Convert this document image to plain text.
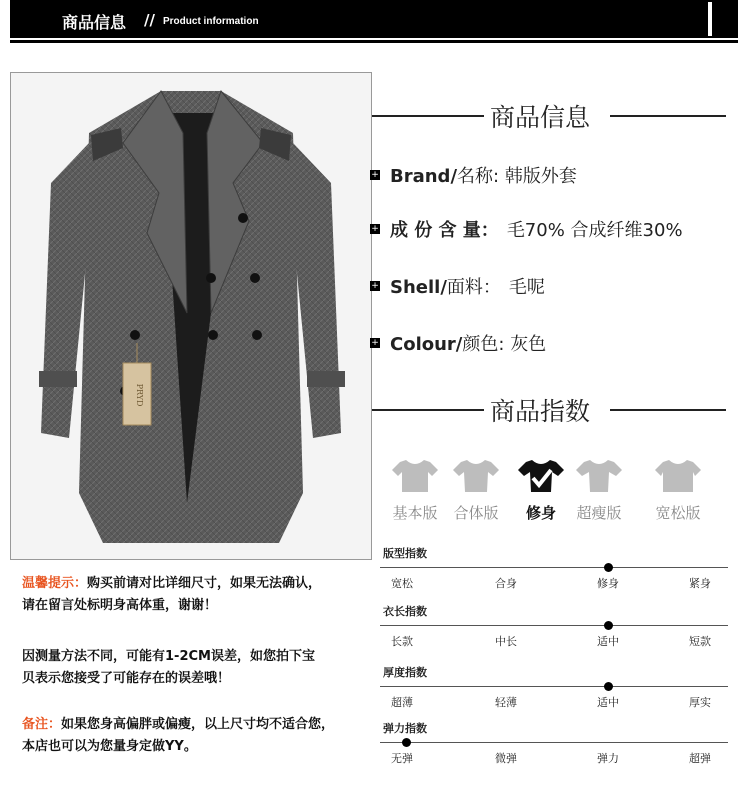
商品信息 // Product information
PRYD
商品信息
+ Brand/名称: 韩版外套
+ 成 份 含 量： 毛70% 合成纤维30%
+ Shell/面料： 毛呢
+ Colour/颜色: 灰色
商品指数
基本版 合体版	修身	超瘦版 宽松版
版型指数
宽松	合身	修身	紧身
衣长指数
长款	中长	适中	短款
厚度指数
超薄	轻薄	适中	厚实
弹力指数
无弹	微弹	弹力	超弹
温馨提示：购买前请对比详细尺寸，如果无法确认，
请在留言处标明身高体重，谢谢！
因测量方法不同，可能有1-2CM误差，如您拍下宝
贝表示您接受了可能存在的误差哦！
备注：如果您身高偏胖或偏瘦，以上尺寸均不适合您，
本店也可以为您量身定做YY。
